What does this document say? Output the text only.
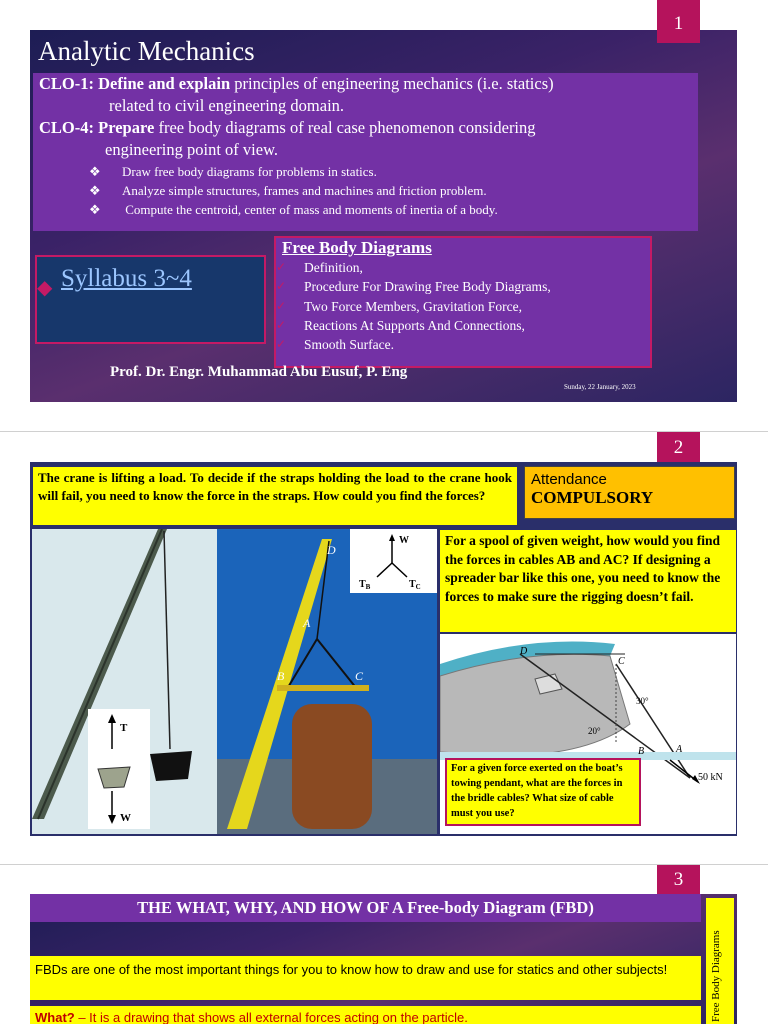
Analytic Mechanics
CLO-1: Define and explain principles of engineering mechanics (i.e. statics)
related to civil engineering domain.
CLO-4: Prepare free body diagrams of real case phenomenon considering
engineering point of view.
❖ Draw free body diagrams for problems in statics.
❖ Analyze simple structures, frames and machines and friction problem.
❖ Compute the centroid, center of mass and moments of inertia of a body.
◆ Syllabus 3~4
Free Body Diagrams
✓ Definition,
✓ Procedure For Drawing Free Body Diagrams,
✓ Two Force Members, Gravitation Force,
✓ Reactions At Supports And Connections,
✓ Smooth Surface.
Prof. Dr. Engr. Muhammad Abu Eusuf, P. Eng
Sunday, 22 January, 2023
1
2
The crane is lifting a load. To decide if the straps holding the load to the crane hook will fail, you need to know the force in the straps. How could you find the forces?
Attendance
COMPULSORY
T
W
D
A
B	C
W
$T_B$	$T_C$
For a spool of given weight, how would you find the forces in cables AB and AC? If designing a spreader bar like this one, you need to know the forces to make sure the rigging doesn’t fail.
D
C
B	A
30°
20°
50 kN
For a given force exerted on the boat’s towing pendant, what are the forces in the bridle cables? What size of cable must you use?
3
THE WHAT, WHY, AND HOW OF A Free-body Diagram (FBD)
FBDs are one of the most important things for you to know how to draw and use for statics and other subjects!
What? – It is a drawing that shows all external forces acting on the particle.	Free Body Diagrams
